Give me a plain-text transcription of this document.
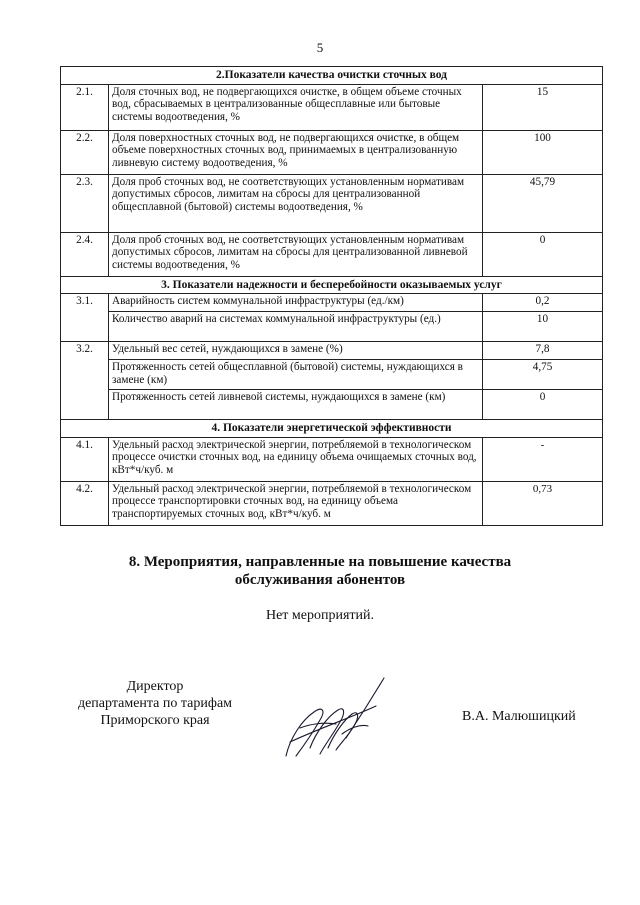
5
2.Показатели качества очистки сточных вод		
2.1.	Доля сточных вод, не подвергающихся очистке, в общем объеме сточных вод, сбрасываемых в централизованные общесплавные или бытовые системы водоотведения, %	15
2.2.	Доля поверхностных сточных вод, не подвергающихся очистке, в общем объеме поверхностных сточных вод, принимаемых в централизованную ливневую систему водоотведения, %	100
2.3.	Доля проб сточных вод, не соответствующих установленным нормативам допустимых сбросов, лимитам на сбросы для централизованной общесплавной (бытовой) системы водоотведения, %	45,79
2.4.	Доля проб сточных вод, не соответствующих установленным нормативам допустимых сбросов, лимитам на сбросы для централизованной ливневой системы водоотведения, %	0
3. Показатели надежности и бесперебойности оказываемых услуг		
3.1.	Аварийность систем коммунальной инфраструктуры (ед./км)	0,2
	Количество аварий на системах коммунальной инфраструктуры (ед.)	10
3.2.	Удельный вес сетей, нуждающихся в замене (%)	7,8
	Протяженность сетей общесплавной (бытовой) системы, нуждающихся в замене (км)	4,75
	Протяженность сетей ливневой системы, нуждающихся в замене (км)	0
4. Показатели энергетической эффективности		
4.1.	Удельный расход электрической энергии, потребляемой в технологическом процессе очистки сточных вод, на единицу объема очищаемых сточных вод, кВт*ч/куб. м	-
4.2.	Удельный расход электрической энергии, потребляемой в технологическом процессе транспортировки сточных вод, на единицу объема транспортируемых сточных вод, кВт*ч/куб. м	0,73
8. Мероприятия, направленные на повышение качества
обслуживания абонентов
Нет мероприятий.
Директор
департамента по тарифам
Приморского края	В.А. Малюшицкий
